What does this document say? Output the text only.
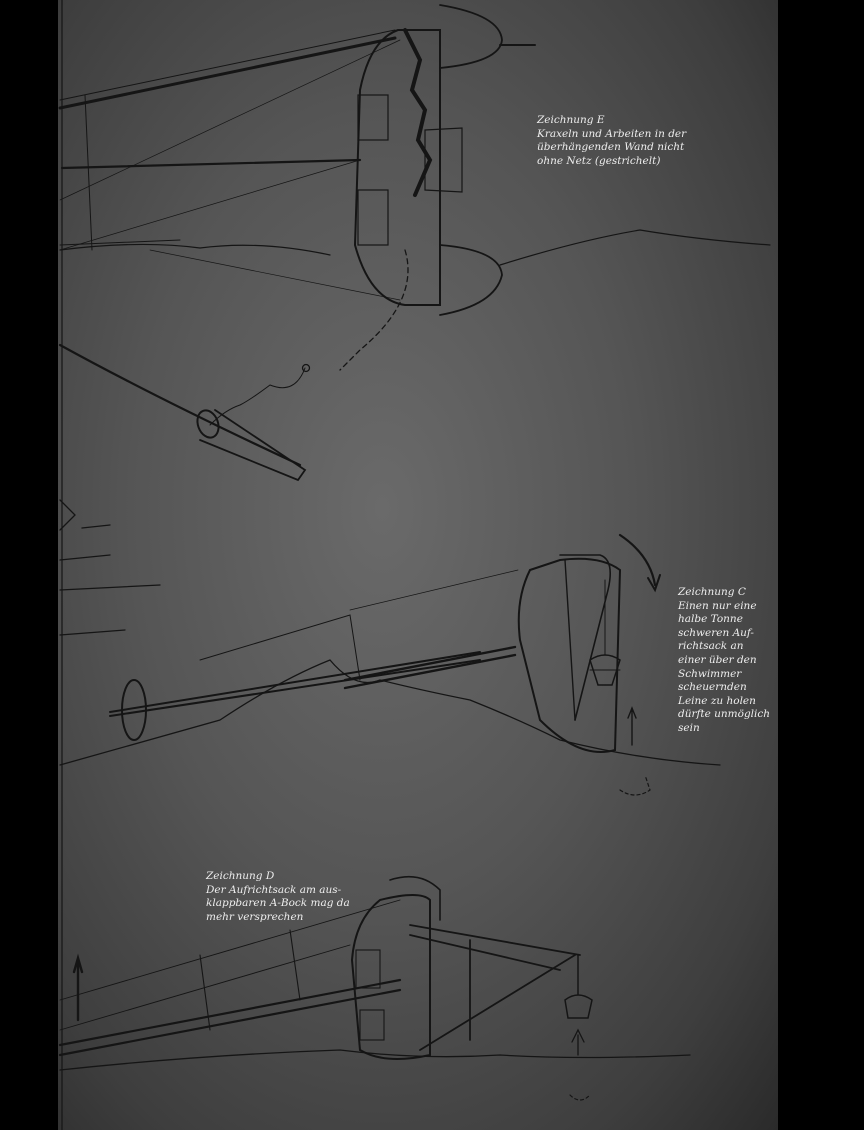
Zeichnung E
Kraxeln und Arbeiten in der
überhängenden Wand nicht
ohne Netz (gestrichelt)
Zeichnung C
Einen nur eine
halbe Tonne
schweren Auf-
richtsack an
einer über den
Schwimmer
scheuernden
Leine zu holen
dürfte unmöglich
sein
Zeichnung D
Der Aufrichtsack am aus-
klappbaren A-Bock mag da
mehr versprechen
